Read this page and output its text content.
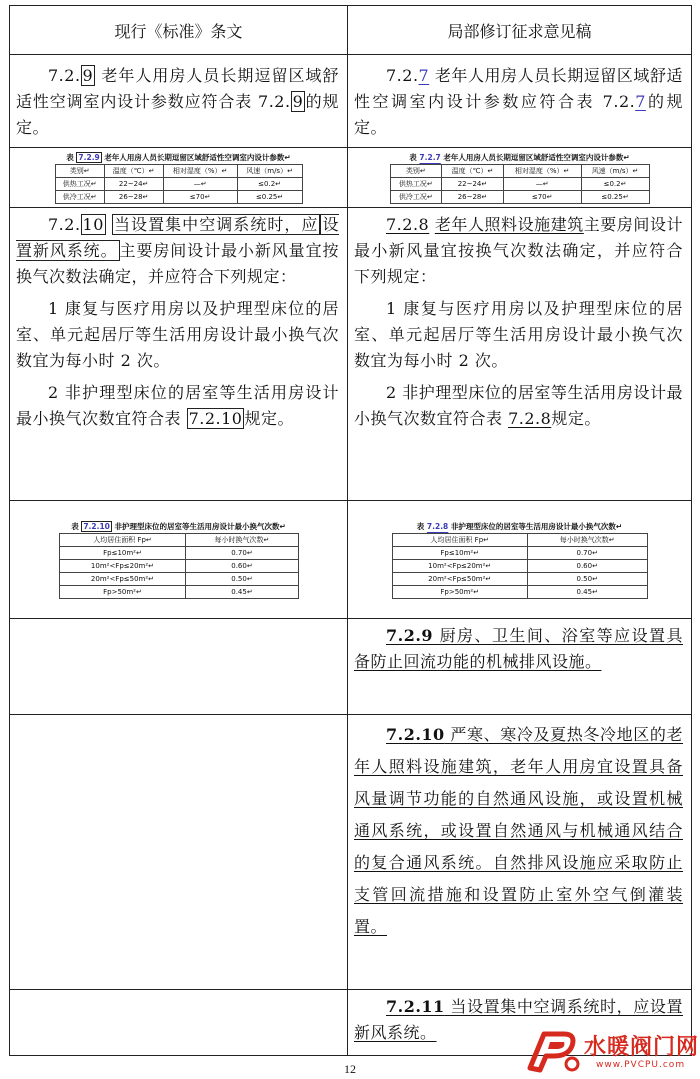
现行《标准》条文	局部修订征求意见稿

7.2. 9 老年人用房人员长期逗留区域舒适性空调室内设计参数应符合表 7.2. 9 的规定。

7.2.7 老年人用房人员长期逗留区域舒适性空调室内设计参数应符合表 7.2.7的规定。

表 7.2.9 老年人用房人员长期逗留区域舒适性空调室内设计参数↵
类别↵	温度（℃）↵	相对湿度（%）↵	风速（m/s）↵
供热工况↵	22~24↵	—↵	≤0.2↵
供冷工况↵	26~28↵	≤70↵	≤0.25↵

表 7.2.7 老年人用房人员长期逗留区域舒适性空调室内设计参数↵
类别↵	温度（℃）↵	相对湿度（%）↵	风速（m/s）↵
供热工况↵	22~24↵	—↵	≤0.2↵
供冷工况↵	26~28↵	≤70↵	≤0.25↵

7.2. 10 当设置集中空调系统时，应 设置新风系统。 主要房间设计最小新风量宜按换气次数法确定，并应符合下列规定：

1 康复与医疗用房以及护理型床位的居室、单元起居厅等生活用房设计最小换气次数宜为每小时 2 次。

2 非护理型床位的居室等生活用房设计最小换气次数宜符合表 7.2.10 规定。

7.2.8 老年人照料设施建筑主要房间设计最小新风量宜按换气次数法确定，并应符合下列规定：

1 康复与医疗用房以及护理型床位的居室、单元起居厅等生活用房设计最小换气次数宜为每小时 2 次。

2 非护理型床位的居室等生活用房设计最小换气次数宜符合表 7.2.8规定。

表 7.2.10 非护理型床位的居室等生活用房设计最小换气次数↵
人均居住面积 Fp↵	每小时换气次数↵
Fp≤10m²↵	0.70↵
10m²<Fp≤20m²↵	0.60↵
20m²<Fp≤50m²↵	0.50↵
Fp>50m²↵	0.45↵

表 7.2.8 非护理型床位的居室等生活用房设计最小换气次数↵
人均居住面积 Fp↵	每小时换气次数↵
Fp≤10m²↵	0.70↵
10m²<Fp≤20m²↵	0.60↵
20m²<Fp≤50m²↵	0.50↵
Fp>50m²↵	0.45↵

7.2.9 厨房、卫生间、浴室等应设置具备防止回流功能的机械排风设施。

7.2.10 严寒、寒冷及夏热冬冷地区的老年人照料设施建筑，老年人用房宜设置具备风量调节功能的自然通风设施，或设置机械通风系统，或设置自然通风与机械通风结合的复合通风系统。自然排风设施应采取防止支管回流措施和设置防止室外空气倒灌装置。

7.2.11 当设置集中空调系统时，应设置新风系统。

12
水暖阀门网
www.PVCPU.com
